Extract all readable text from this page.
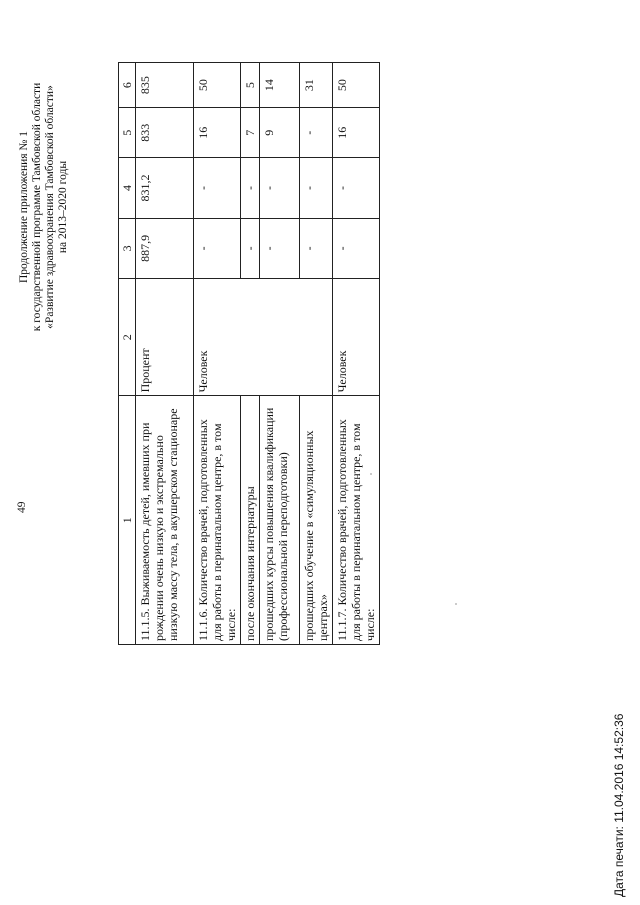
49
Продолжение приложения № 1 к государственной программе Тамбовской области «Развитие здравоохранения Тамбовской области» на 2013–2020 годы
1	2	3	4	5	6
11.1.5. Выживаемость детей, имевших при рождении очень низкую и экстремально низкую массу тела, в акушерском стационаре	Процент	887,9	831,2	833	835
11.1.6. Количество врачей, подготовленных для работы в перинатальном центре, в том числе:	Человек	-	-	16	50
после окончания интернатуры		-	-	7	5
прошедших курсы повышения квалификации (профессиональной переподготовки)		-	-	9	14
прошедших обучение в «симуляционных центрах»		-	-	-	31
11.1.7. Количество врачей, подготовленных для работы в перинатальном центре, в том числе:	Человек	-	-	16	50
Дата печати: 11.04.2016 14:52:36
